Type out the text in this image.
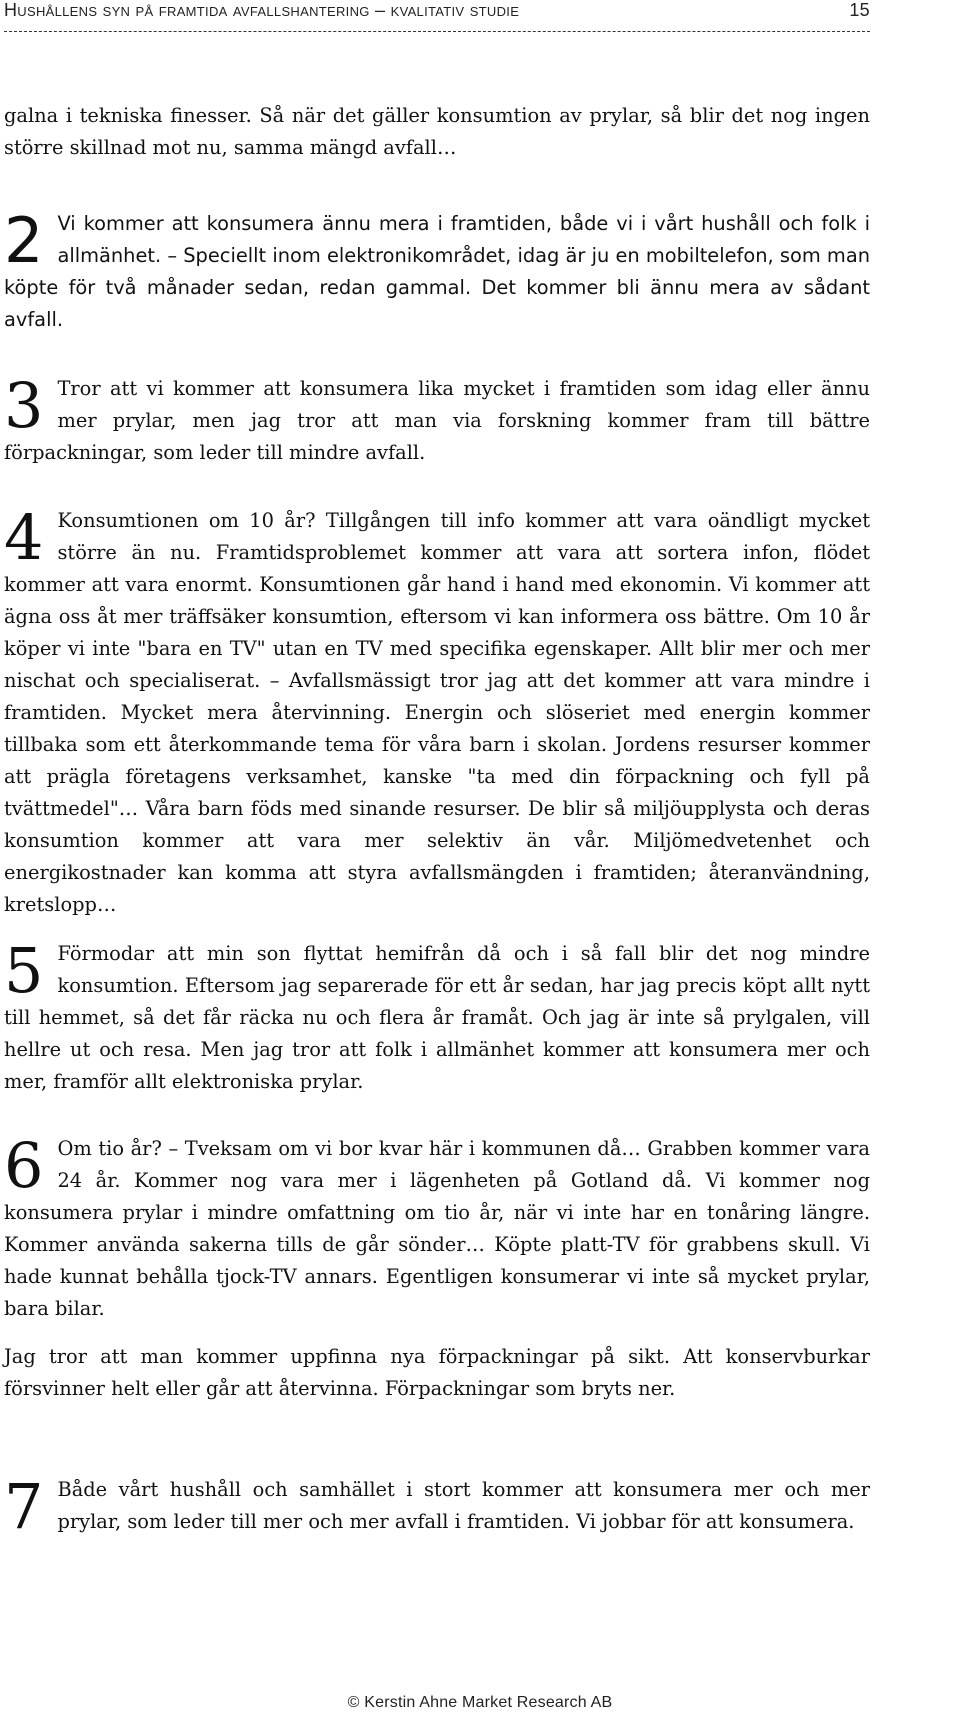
Hushållens syn på framtida avfallshantering – kvalitativ studie	15

galna i tekniska finesser. Så när det gäller konsumtion av prylar, så blir det nog ingen större skillnad mot nu, samma mängd avfall…

2 Vi kommer att konsumera ännu mera i framtiden, både vi i vårt hushåll och folk i allmänhet. – Speciellt inom elektronikområdet, idag är ju en mobiltelefon, som man köpte för två månader sedan, redan gammal. Det kommer bli ännu mera av sådant avfall.

3 Tror att vi kommer att konsumera lika mycket i framtiden som idag eller ännu mer prylar, men jag tror att man via forskning kommer fram till bättre förpackningar, som leder till mindre avfall.

4 Konsumtionen om 10 år? Tillgången till info kommer att vara oändligt mycket större än nu. Framtidsproblemet kommer att vara att sortera infon, flödet kommer att vara enormt. Konsumtionen går hand i hand med ekonomin. Vi kommer att ägna oss åt mer träffsäker konsumtion, eftersom vi kan informera oss bättre. Om 10 år köper vi inte "bara en TV" utan en TV med specifika egenskaper. Allt blir mer och mer nischat och specialiserat. – Avfallsmässigt tror jag att det kommer att vara mindre i framtiden. Mycket mera återvinning. Energin och slöseriet med energin kommer tillbaka som ett återkommande tema för våra barn i skolan. Jordens resurser kommer att prägla företagens verksamhet, kanske "ta med din förpackning och fyll på tvättmedel"… Våra barn föds med sinande resurser. De blir så miljöupplysta och deras konsumtion kommer att vara mer selektiv än vår. Miljömedvetenhet och energikostnader kan komma att styra avfallsmängden i framtiden; återanvändning, kretslopp…

5 Förmodar att min son flyttat hemifrån då och i så fall blir det nog mindre konsumtion. Eftersom jag separerade för ett år sedan, har jag precis köpt allt nytt till hemmet, så det får räcka nu och flera år framåt. Och jag är inte så prylgalen, vill hellre ut och resa. Men jag tror att folk i allmänhet kommer att konsumera mer och mer, framför allt elektroniska prylar.

6 Om tio år? – Tveksam om vi bor kvar här i kommunen då… Grabben kommer vara 24 år. Kommer nog vara mer i lägenheten på Gotland då. Vi kommer nog konsumera prylar i mindre omfattning om tio år, när vi inte har en tonåring längre. Kommer använda sakerna tills de går sönder… Köpte platt-TV för grabbens skull. Vi hade kunnat behålla tjock-TV annars. Egentligen konsumerar vi inte så mycket prylar, bara bilar.

Jag tror att man kommer uppfinna nya förpackningar på sikt. Att konservburkar försvinner helt eller går att återvinna. Förpackningar som bryts ner.

7 Både vårt hushåll och samhället i stort kommer att konsumera mer och mer prylar, som leder till mer och mer avfall i framtiden. Vi jobbar för att konsumera.

© Kerstin Ahne Market Research AB
